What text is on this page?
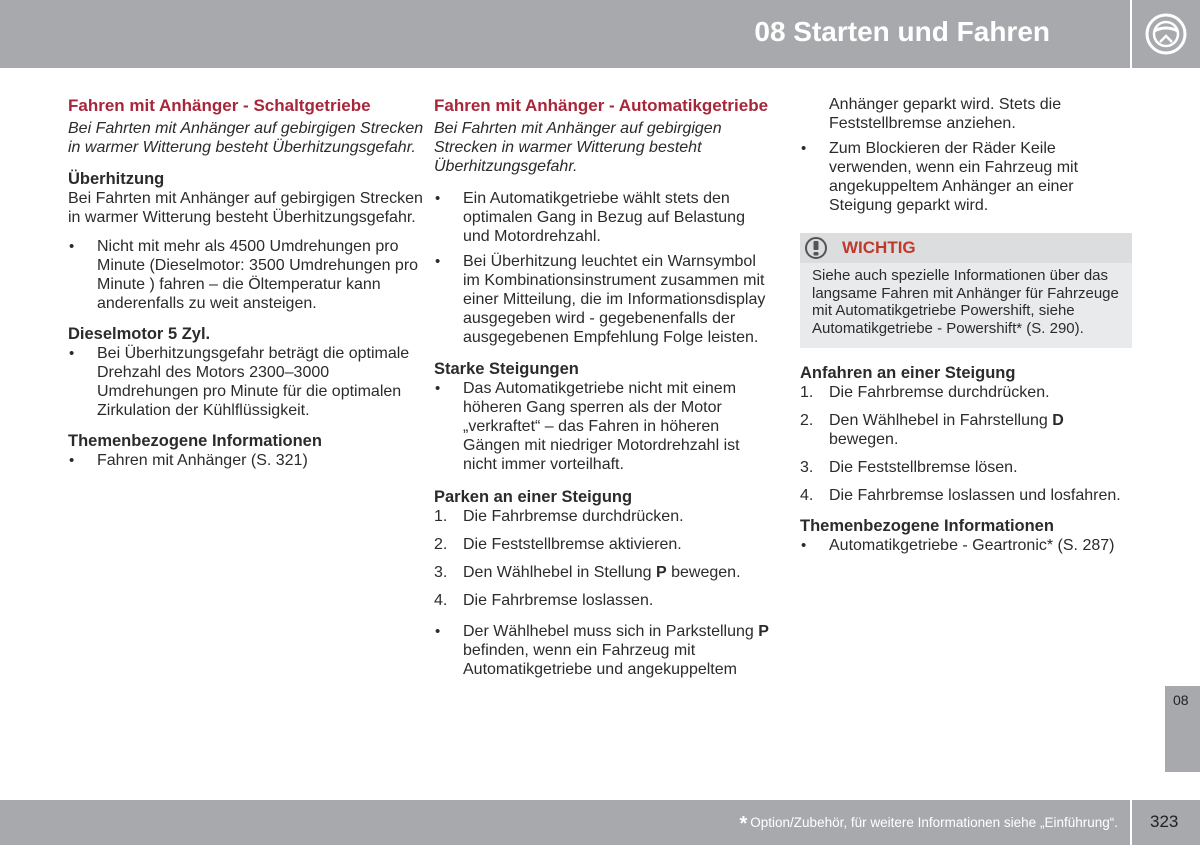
08 Starten und Fahren
Fahren mit Anhänger - Schaltgetriebe
Bei Fahrten mit Anhänger auf gebirgigen Strecken in warmer Witterung besteht Überhitzungsgefahr.
Überhitzung
Bei Fahrten mit Anhänger auf gebirgigen Strecken in warmer Witterung besteht Überhitzungsgefahr.
• Nicht mit mehr als 4500 Umdrehungen pro Minute (Dieselmotor: 3500 Umdrehungen pro Minute ) fahren – die Öltemperatur kann anderenfalls zu weit ansteigen.
Dieselmotor 5 Zyl.
• Bei Überhitzungsgefahr beträgt die optimale Drehzahl des Motors 2300–3000 Umdrehungen pro Minute für die optimalen Zirkulation der Kühlflüssigkeit.
Themenbezogene Informationen
• Fahren mit Anhänger (S. 321)
Fahren mit Anhänger - Automatikgetriebe
Bei Fahrten mit Anhänger auf gebirgigen Strecken in warmer Witterung besteht Überhitzungsgefahr.
• Ein Automatikgetriebe wählt stets den optimalen Gang in Bezug auf Belastung und Motordrehzahl.
• Bei Überhitzung leuchtet ein Warnsymbol im Kombinationsinstrument zusammen mit einer Mitteilung, die im Informationsdisplay ausgegeben wird - gegebenenfalls der ausgegebenen Empfehlung Folge leisten.
Starke Steigungen
• Das Automatikgetriebe nicht mit einem höheren Gang sperren als der Motor „verkraftet“ – das Fahren in höheren Gängen mit niedriger Motordrehzahl ist nicht immer vorteilhaft.
Parken an einer Steigung
1. Die Fahrbremse durchdrücken.
2. Die Feststellbremse aktivieren.
3. Den Wählhebel in Stellung P bewegen.
4. Die Fahrbremse loslassen.
• Der Wählhebel muss sich in Parkstellung P befinden, wenn ein Fahrzeug mit Automatikgetriebe und angekuppeltem
Anhänger geparkt wird. Stets die Feststellbremse anziehen.
• Zum Blockieren der Räder Keile verwenden, wenn ein Fahrzeug mit angekuppeltem Anhänger an einer Steigung geparkt wird.
WICHTIG
Siehe auch spezielle Informationen über das langsame Fahren mit Anhänger für Fahrzeuge mit Automatikgetriebe Powershift, siehe Automatikgetriebe - Powershift* (S. 290).
Anfahren an einer Steigung
1. Die Fahrbremse durchdrücken.
2. Den Wählhebel in Fahrstellung D bewegen.
3. Die Feststellbremse lösen.
4. Die Fahrbremse loslassen und losfahren.
Themenbezogene Informationen
• Automatikgetriebe - Geartronic* (S. 287)
08
* Option/Zubehör, für weitere Informationen siehe „Einführung“. 323
